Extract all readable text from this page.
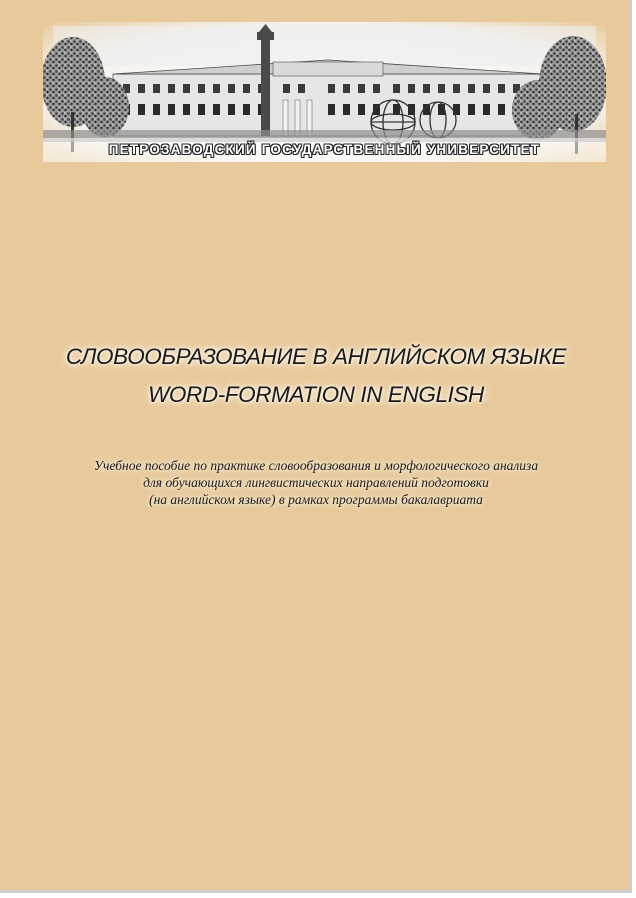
ПЕТРОЗАВОДСКИЙ ГОСУДАРСТВЕННЫЙ УНИВЕРСИТЕТ
СЛОВООБРАЗОВАНИЕ В АНГЛИЙСКОМ ЯЗЫКЕ
WORD-FORMATION IN ENGLISH
Учебное пособие по практике словообразования и морфологического анализа
для обучающихся лингвистических направлений подготовки
(на английском языке) в рамках программы бакалавриата
